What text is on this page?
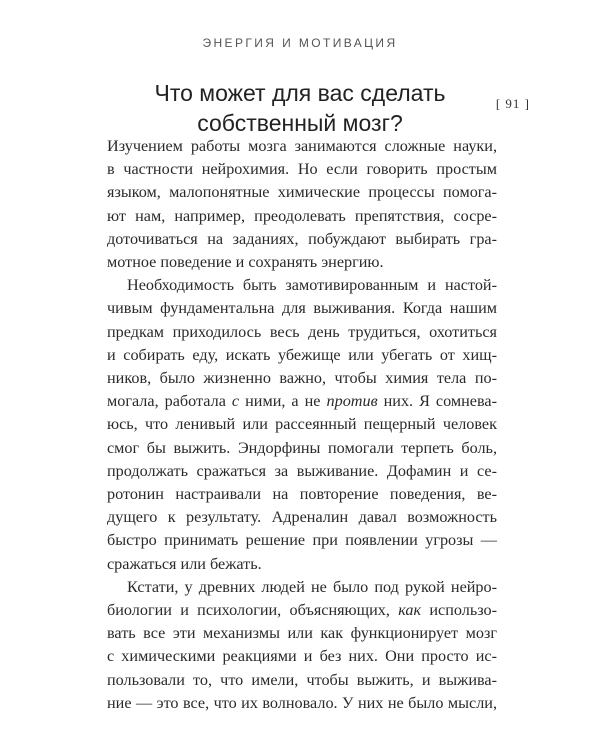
ЭНЕРГИЯ И МОТИВАЦИЯ
[ 91 ]
Что может для вас сделать
собственный мозг?
Изучением работы мозга занимаются сложные науки,
в частности нейрохимия. Но если говорить простым
языком, малопонятные химические процессы помога-
ют нам, например, преодолевать препятствия, сосре-
доточиваться на заданиях, побуждают выбирать гра-
мотное поведение и сохранять энергию.
Необходимость быть замотивированным и настой-
чивым фундаментальна для выживания. Когда нашим
предкам приходилось весь день трудиться, охотиться
и собирать еду, искать убежище или убегать от хищ-
ников, было жизненно важно, чтобы химия тела по-
могала, работала с ними, а не против них. Я сомнева-
юсь, что ленивый или рассеянный пещерный человек
смог бы выжить. Эндорфины помогали терпеть боль,
продолжать сражаться за выживание. Дофамин и се-
ротонин настраивали на повторение поведения, ве-
дущего к результату. Адреналин давал возможность
быстро принимать решение при появлении угрозы —
сражаться или бежать.
Кстати, у древних людей не было под рукой нейро-
биологии и психологии, объясняющих, как использо-
вать все эти механизмы или как функционирует мозг
с химическими реакциями и без них. Они просто ис-
пользовали то, что имели, чтобы выжить, и выжива-
ние — это все, что их волновало. У них не было мысли,
